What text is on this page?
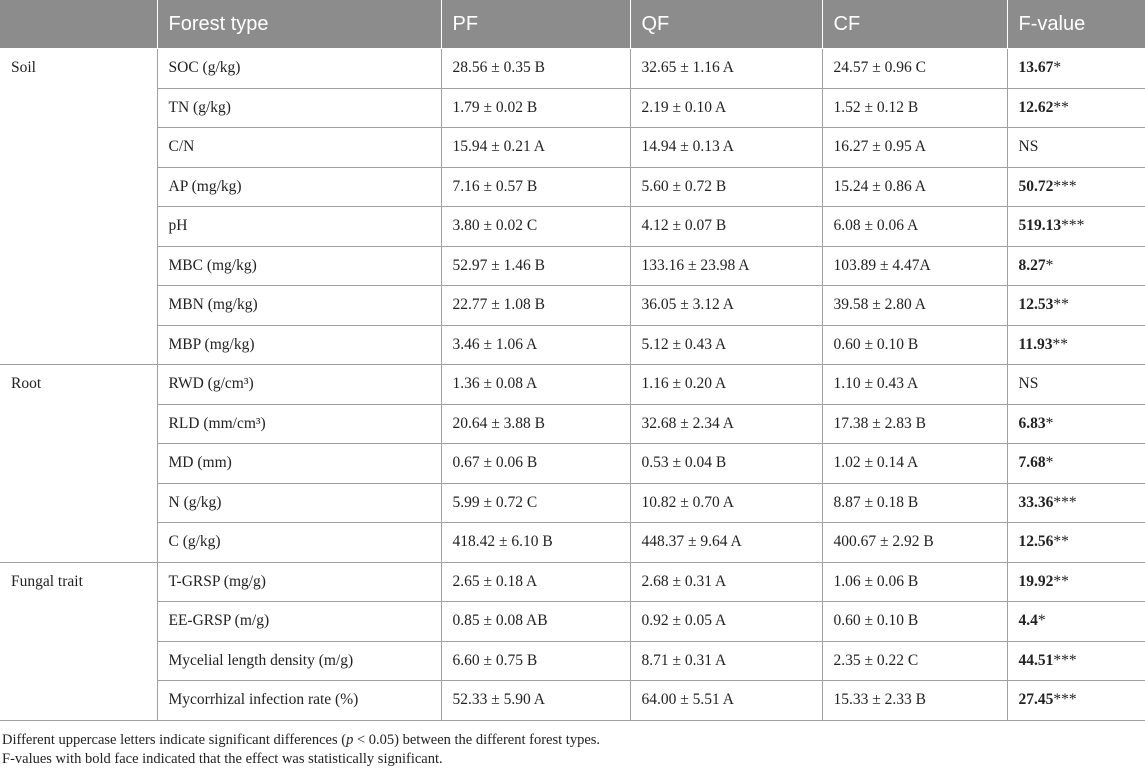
	Forest type	PF	QF	CF	F-value
Soil	SOC (g/kg)	28.56 ± 0.35 B	32.65 ± 1.16 A	24.57 ± 0.96 C	13.67*
	TN (g/kg)	1.79 ± 0.02 B	2.19 ± 0.10 A	1.52 ± 0.12 B	12.62**
	C/N	15.94 ± 0.21 A	14.94 ± 0.13 A	16.27 ± 0.95 A	NS
	AP (mg/kg)	7.16 ± 0.57 B	5.60 ± 0.72 B	15.24 ± 0.86 A	50.72***
	pH	3.80 ± 0.02 C	4.12 ± 0.07 B	6.08 ± 0.06 A	519.13***
	MBC (mg/kg)	52.97 ± 1.46 B	133.16 ± 23.98 A	103.89 ± 4.47A	8.27*
	MBN (mg/kg)	22.77 ± 1.08 B	36.05 ± 3.12 A	39.58 ± 2.80 A	12.53**
	MBP (mg/kg)	3.46 ± 1.06 A	5.12 ± 0.43 A	0.60 ± 0.10 B	11.93**
Root	RWD (g/cm³)	1.36 ± 0.08 A	1.16 ± 0.20 A	1.10 ± 0.43 A	NS
	RLD (mm/cm³)	20.64 ± 3.88 B	32.68 ± 2.34 A	17.38 ± 2.83 B	6.83*
	MD (mm)	0.67 ± 0.06 B	0.53 ± 0.04 B	1.02 ± 0.14 A	7.68*
	N (g/kg)	5.99 ± 0.72 C	10.82 ± 0.70 A	8.87 ± 0.18 B	33.36***
	C (g/kg)	418.42 ± 6.10 B	448.37 ± 9.64 A	400.67 ± 2.92 B	12.56**
Fungal trait	T-GRSP (mg/g)	2.65 ± 0.18 A	2.68 ± 0.31 A	1.06 ± 0.06 B	19.92**
	EE-GRSP (m/g)	0.85 ± 0.08 AB	0.92 ± 0.05 A	0.60 ± 0.10 B	4.4*
	Mycelial length density (m/g)	6.60 ± 0.75 B	8.71 ± 0.31 A	2.35 ± 0.22 C	44.51***
	Mycorrhizal infection rate (%)	52.33 ± 5.90 A	64.00 ± 5.51 A	15.33 ± 2.33 B	27.45***
Different uppercase letters indicate significant differences (p < 0.05) between the different forest types.
F-values with bold face indicated that the effect was statistically significant.
